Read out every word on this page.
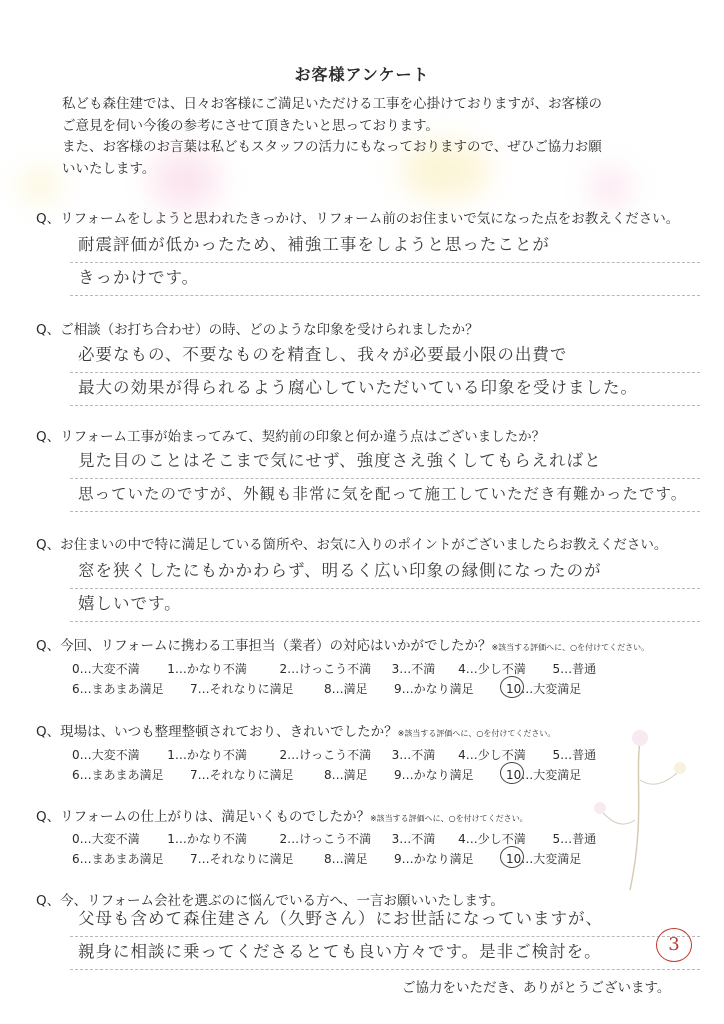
お客様アンケート

私ども森住建では、日々お客様にご満足いただける工事を心掛けておりますが、お客様の

ご意見を伺い今後の参考にさせて頂きたいと思っております。

また、お客様のお言葉は私どもスタッフの活力にもなっておりますので、ぜひご協力お願

いいたします。

Q、リフォームをしようと思われたきっかけ、リフォーム前のお住まいで気になった点をお教えください。
耐震評価が低かったため、補強工事をしようと思ったことが
きっかけです。
Q、ご相談（お打ち合わせ）の時、どのような印象を受けられましたか？
必要なもの、不要なものを精査し、我々が必要最小限の出費で
最大の効果が得られるよう腐心していただいている印象を受けました。
Q、リフォーム工事が始まってみて、契約前の印象と何か違う点はございましたか？
見た目のことはそこまで気にせず、強度さえ強くしてもらえればと
思っていたのですが、外観も非常に気を配って施工していただき有難かったです。
Q、お住まいの中で特に満足している箇所や、お気に入りのポイントがございましたらお教えください。
窓を狭くしたにもかかわらず、明るく広い印象の縁側になったのが
嬉しいです。
Q、今回、リフォームに携わる工事担当（業者）の対応はいかがでしたか？※該当する評価へに、○を付けてください。
0…大変不満	1…かなり不満	2…けっこう不満	3…不満	4…少し不満	5…普通
6…まあまあ満足	7…それなりに満足	8…満足	9…かなり満足	10…大変満足
Q、現場は、いつも整理整頓されており、きれいでしたか？※該当する評価へに、○を付けてください。
0…大変不満	1…かなり不満	2…けっこう不満	3…不満	4…少し不満	5…普通
6…まあまあ満足	7…それなりに満足	8…満足	9…かなり満足	10…大変満足
Q、リフォームの仕上がりは、満足いくものでしたか？※該当する評価へに、○を付けてください。
0…大変不満	1…かなり不満	2…けっこう不満	3…不満	4…少し不満	5…普通
6…まあまあ満足	7…それなりに満足	8…満足	9…かなり満足	10…大変満足
Q、今、リフォーム会社を選ぶのに悩んでいる方へ、一言お願いいたします。
父母も含めて森住建さん（久野さん）にお世話になっていますが、
親身に相談に乗ってくださるとても良い方々です。是非ご検討を。	3
ご協力をいただき、ありがとうございます。
